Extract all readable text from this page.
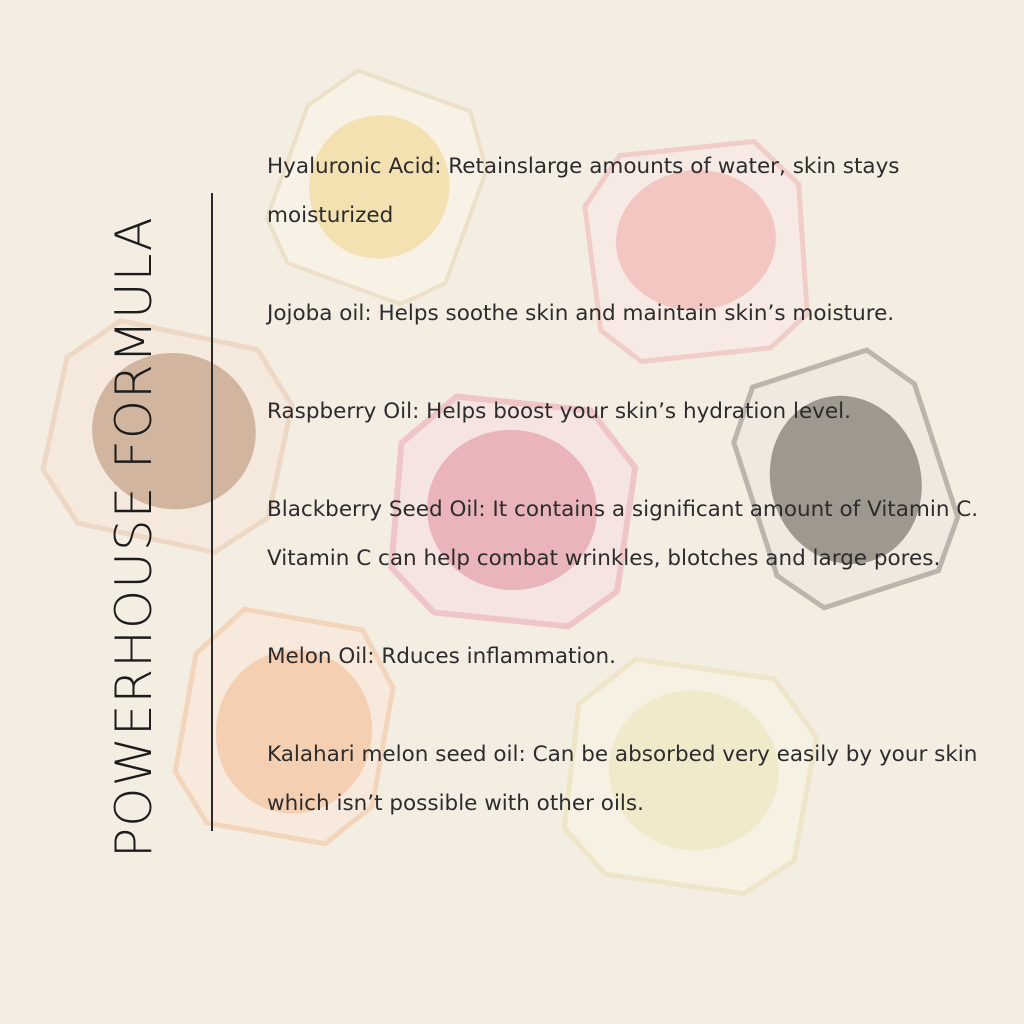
POWERHOUSE FORMULA

Hyaluronic Acid: Retainslarge amounts of water, skin stays moisturized

Jojoba oil: Helps soothe skin and maintain skin’s moisture.

Raspberry Oil: Helps boost your skin’s hydration level.

Blackberry Seed Oil: It contains a significant amount of Vitamin C. Vitamin C can help combat wrinkles, blotches and large pores.

Melon Oil: Rduces inflammation.

Kalahari melon seed oil: Can be absorbed very easily by your skin which isn’t possible with other oils.
